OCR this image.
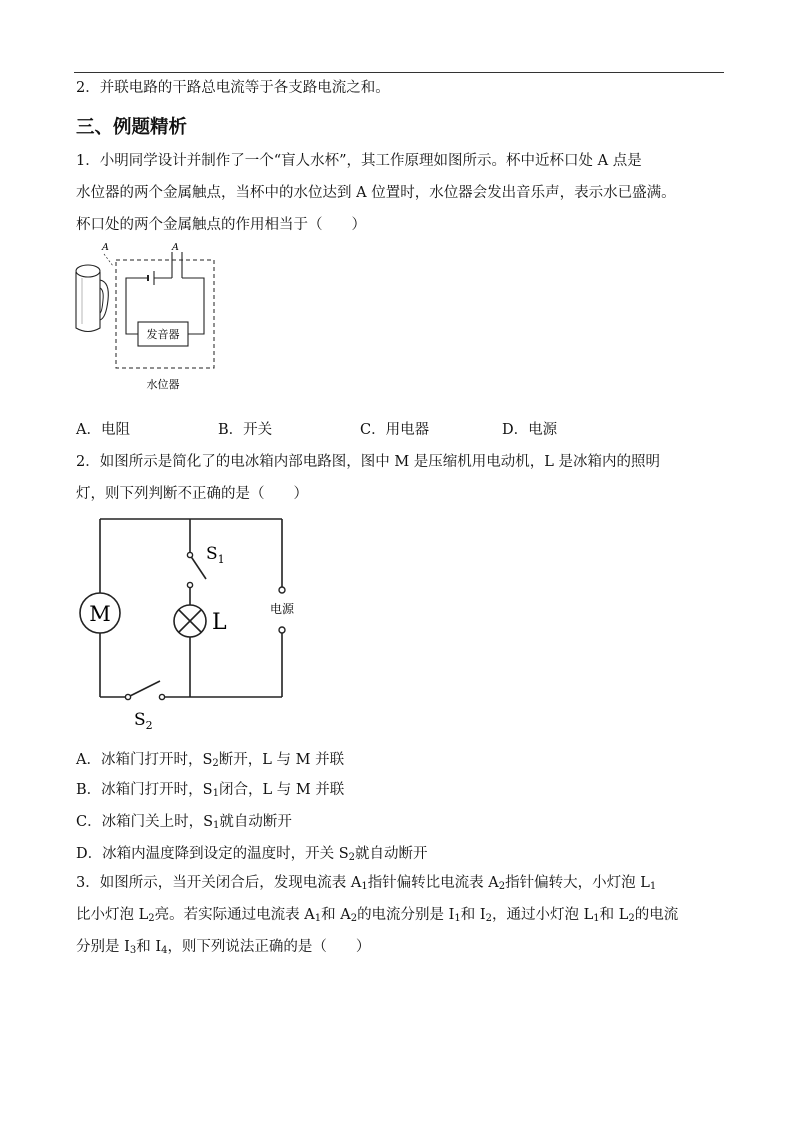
2．并联电路的干路总电流等于各支路电流之和。
三、例题精析
1．小明同学设计并制作了一个“盲人水杯”，其工作原理如图所示。杯中近杯口处 A 点是
水位器的两个金属触点，当杯中的水位达到 A 位置时，水位器会发出音乐声，表示水已盛满。
杯口处的两个金属触点的作用相当于（　　）
A	A
发音器
水位器
A．电阻	B．开关	C．用电器	D．电源
2．如图所示是简化了的电冰箱内部电路图，图中 M 是压缩机用电动机，L 是冰箱内的照明
灯，则下列判断不正确的是（　　）
M	L
$S_1$
$S_2$
电源
A．冰箱门打开时，$S_2$断开，L 与 M 并联
B．冰箱门打开时，$S_1$闭合，L 与 M 并联
C．冰箱门关上时，$S_1$就自动断开
D．冰箱内温度降到设定的温度时，开关 $S_2$就自动断开
3．如图所示，当开关闭合后，发现电流表 $A_1$指针偏转比电流表 $A_2$指针偏转大，小灯泡 $L_1$
比小灯泡 $L_2$亮。若实际通过电流表 $A_1$和 $A_2$的电流分别是 $I_1$和 $I_2$，通过小灯泡 $L_1$和 $L_2$的电流
分别是 $I_3$和 $I_4$，则下列说法正确的是（　　）
